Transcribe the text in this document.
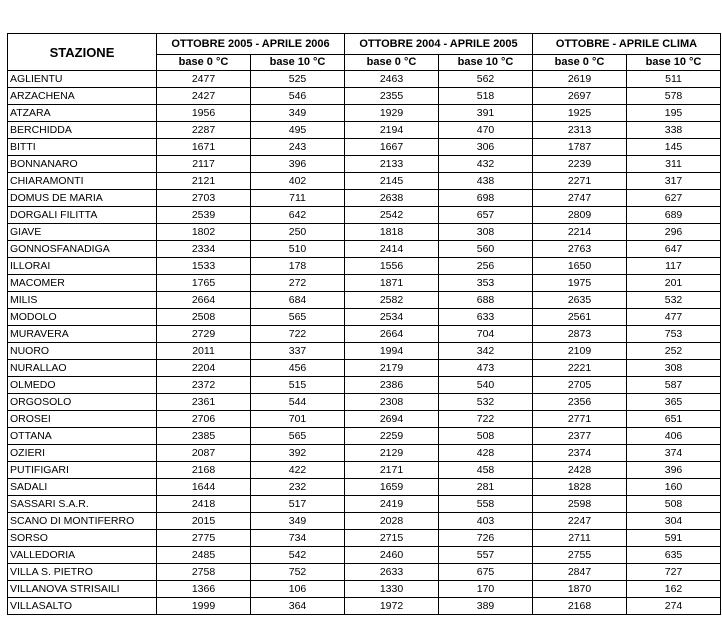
STAZIONE	OTTOBRE 2005 - APRILE 2006		OTTOBRE 2004 - APRILE 2005		OTTOBRE - APRILE CLIMA	
	base 0 °C	base 10 °C	base 0 °C	base 10 °C	base 0 °C	base 10 °C
AGLIENTU	2477	525	2463	562	2619	511
ARZACHENA	2427	546	2355	518	2697	578
ATZARA	1956	349	1929	391	1925	195
BERCHIDDA	2287	495	2194	470	2313	338
BITTI	1671	243	1667	306	1787	145
BONNANARO	2117	396	2133	432	2239	311
CHIARAMONTI	2121	402	2145	438	2271	317
DOMUS DE MARIA	2703	711	2638	698	2747	627
DORGALI FILITTA	2539	642	2542	657	2809	689
GIAVE	1802	250	1818	308	2214	296
GONNOSFANADIGA	2334	510	2414	560	2763	647
ILLORAI	1533	178	1556	256	1650	117
MACOMER	1765	272	1871	353	1975	201
MILIS	2664	684	2582	688	2635	532
MODOLO	2508	565	2534	633	2561	477
MURAVERA	2729	722	2664	704	2873	753
NUORO	2011	337	1994	342	2109	252
NURALLAO	2204	456	2179	473	2221	308
OLMEDO	2372	515	2386	540	2705	587
ORGOSOLO	2361	544	2308	532	2356	365
OROSEI	2706	701	2694	722	2771	651
OTTANA	2385	565	2259	508	2377	406
OZIERI	2087	392	2129	428	2374	374
PUTIFIGARI	2168	422	2171	458	2428	396
SADALI	1644	232	1659	281	1828	160
SASSARI S.A.R.	2418	517	2419	558	2598	508
SCANO DI MONTIFERRO	2015	349	2028	403	2247	304
SORSO	2775	734	2715	726	2711	591
VALLEDORIA	2485	542	2460	557	2755	635
VILLA S. PIETRO	2758	752	2633	675	2847	727
VILLANOVA STRISAILI	1366	106	1330	170	1870	162
VILLASALTO	1999	364	1972	389	2168	274
